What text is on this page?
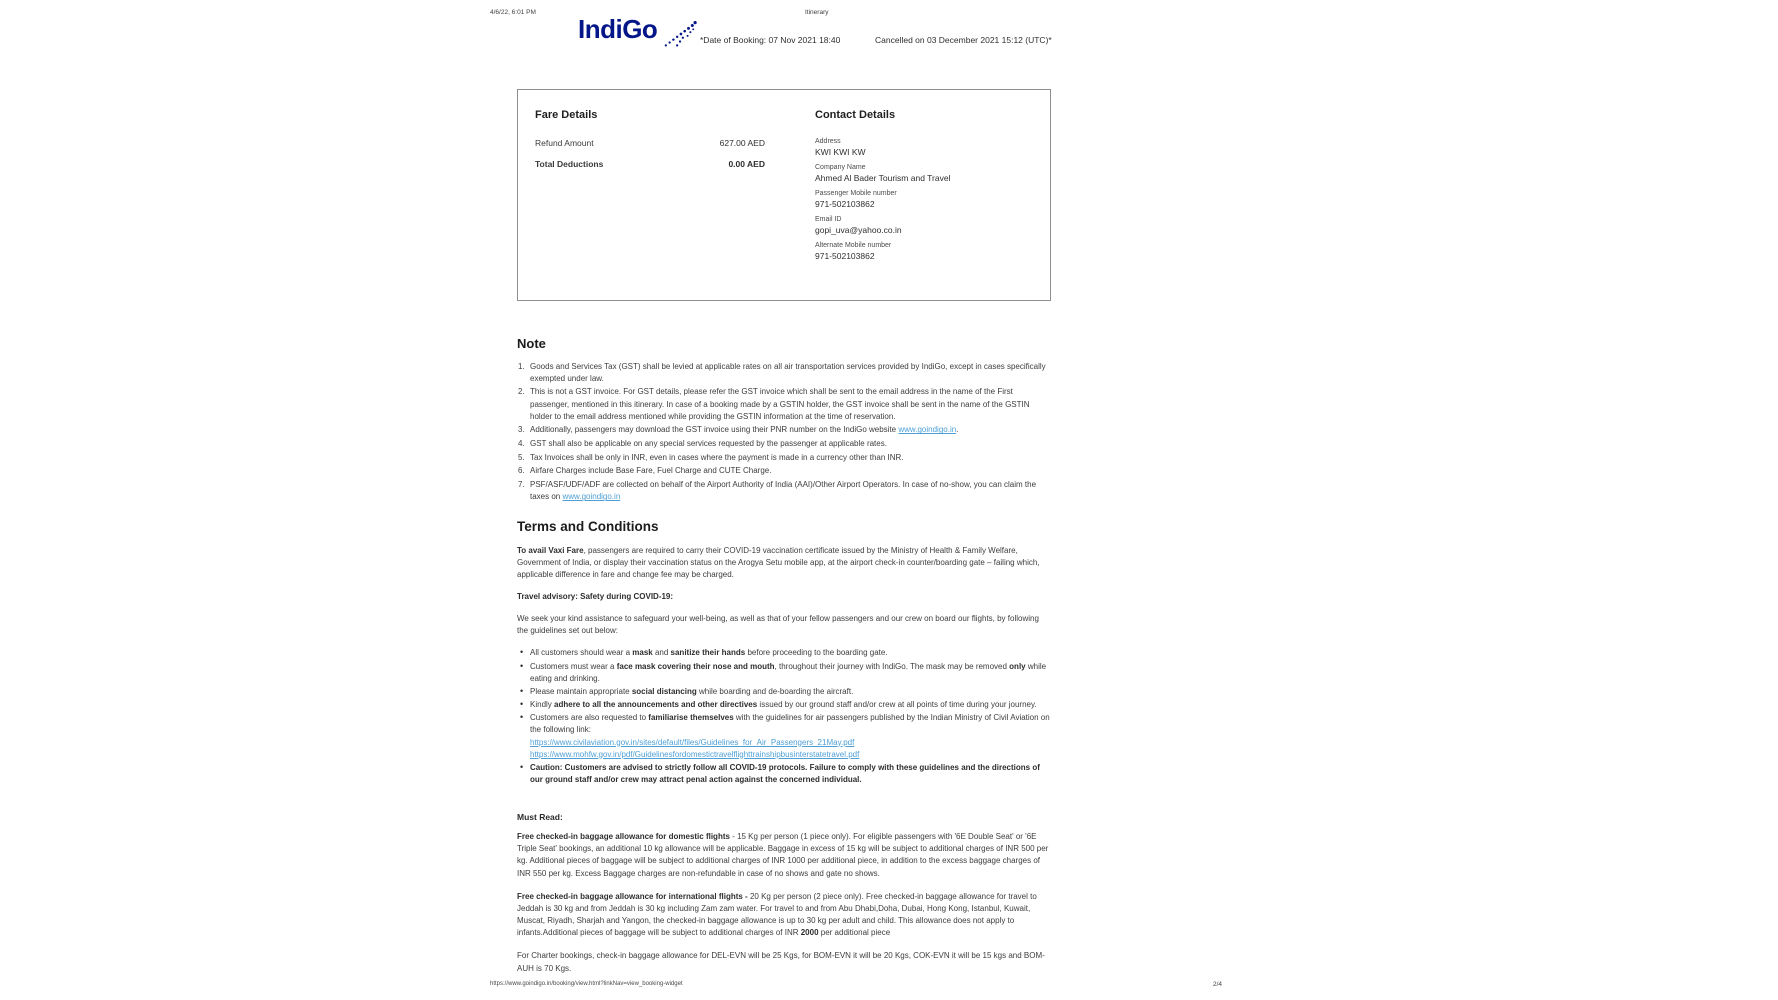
4/6/22, 6:01 PM	Itinerary
IndiGo	*Date of Booking: 07 Nov 2021 18:40	Cancelled on 03 December 2021 15:12 (UTC)*
Fare Details
Refund Amount	627.00 AED
Total Deductions	0.00 AED
Contact Details
Address
KWI KWI KW
Company Name
Ahmed Al Bader Tourism and Travel
Passenger Mobile number
971-502103862
Email ID
gopi_uva@yahoo.co.in
Alternate Mobile number
971-502103862
Note
Goods and Services Tax (GST) shall be levied at applicable rates on all air transportation services provided by IndiGo, except in cases specifically exempted under law.
This is not a GST invoice. For GST details, please refer the GST invoice which shall be sent to the email address in the name of the First passenger, mentioned in this itinerary. In case of a booking made by a GSTIN holder, the GST invoice shall be sent in the name of the GSTIN holder to the email address mentioned while providing the GSTIN information at the time of reservation.
Additionally, passengers may download the GST invoice using their PNR number on the IndiGo website www.goindigo.in.
GST shall also be applicable on any special services requested by the passenger at applicable rates.
Tax Invoices shall be only in INR, even in cases where the payment is made in a currency other than INR.
Airfare Charges include Base Fare, Fuel Charge and CUTE Charge.
PSF/ASF/UDF/ADF are collected on behalf of the Airport Authority of India (AAI)/Other Airport Operators. In case of no-show, you can claim the taxes on www.goindigo.in
Terms and Conditions

To avail Vaxi Fare, passengers are required to carry their COVID-19 vaccination certificate issued by the Ministry of Health & Family Welfare, Government of India, or display their vaccination status on the Arogya Setu mobile app, at the airport check-in counter/boarding gate – failing which, applicable difference in fare and change fee may be charged.

Travel advisory: Safety during COVID-19:

We seek your kind assistance to safeguard your well-being, as well as that of your fellow passengers and our crew on board our flights, by following the guidelines set out below:

• All customers should wear a mask and sanitize their hands before proceeding to the boarding gate.
• Customers must wear a face mask covering their nose and mouth, throughout their journey with IndiGo. The mask may be removed only while eating and drinking.
• Please maintain appropriate social distancing while boarding and de-boarding the aircraft.
• Kindly adhere to all the announcements and other directives issued by our ground staff and/or crew at all points of time during your journey.
• Customers are also requested to familiarise themselves with the guidelines for air passengers published by the Indian Ministry of Civil Aviation on the following link:
https://www.civilaviation.gov.in/sites/default/files/Guidelines_for_Air_Passengers_21May.pdf
https://www.mohfw.gov.in/pdf/Guidelinesfordomestictravelflighttrainshipbusinterstatetravel.pdf
• Caution: Customers are advised to strictly follow all COVID-19 protocols. Failure to comply with these guidelines and the directions of our ground staff and/or crew may attract penal action against the concerned individual.
Must Read:

Free checked-in baggage allowance for domestic flights - 15 Kg per person (1 piece only). For eligible passengers with '6E Double Seat' or '6E Triple Seat' bookings, an additional 10 kg allowance will be applicable. Baggage in excess of 15 kg will be subject to additional charges of INR 500 per kg. Additional pieces of baggage will be subject to additional charges of INR 1000 per additional piece, in addition to the excess baggage charges of INR 550 per kg. Excess Baggage charges are non-refundable in case of no shows and gate no shows.

Free checked-in baggage allowance for international flights - 20 Kg per person (2 piece only). Free checked-in baggage allowance for travel to Jeddah is 30 kg and from Jeddah is 30 kg including Zam zam water. For travel to and from Abu Dhabi,Doha, Dubai, Hong Kong, Istanbul, Kuwait, Muscat, Riyadh, Sharjah and Yangon, the checked-in baggage allowance is up to 30 kg per adult and child. This allowance does not apply to infants.Additional pieces of baggage will be subject to additional charges of INR 2000 per additional piece

For Charter bookings, check-in baggage allowance for DEL-EVN will be 25 Kgs, for BOM-EVN it will be 20 Kgs, COK-EVN it will be 15 kgs and BOM-AUH is 70 Kgs.

https://www.goindigo.in/booking/view.html?linkNav=view_booking-widget	2/4
